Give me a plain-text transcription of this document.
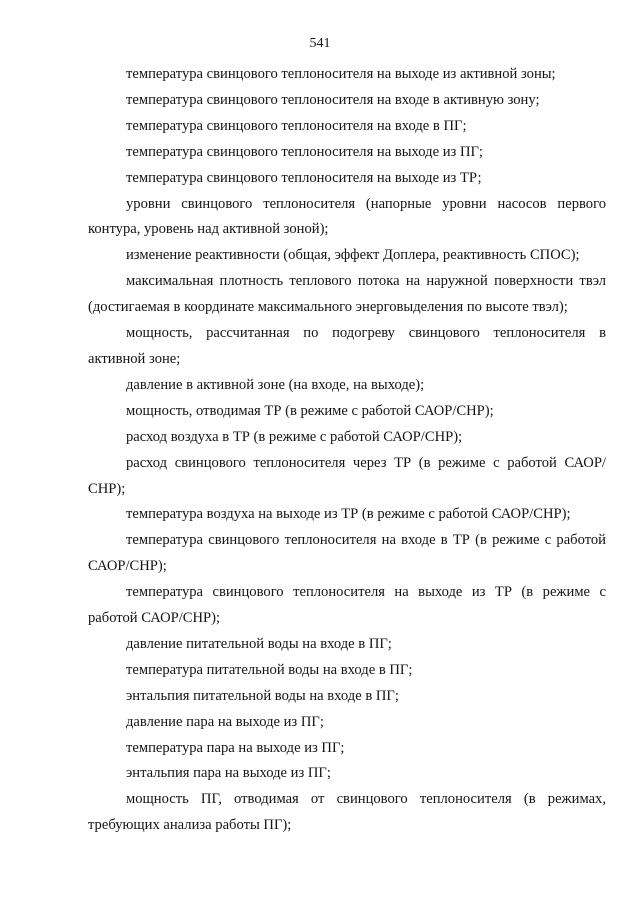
541

температура свинцового теплоносителя на выходе из активной зоны;

температура свинцового теплоносителя на входе в активную зону;

температура свинцового теплоносителя на входе в ПГ;

температура свинцового теплоносителя на выходе из ПГ;

температура свинцового теплоносителя на выходе из ТР;

уровни свинцового теплоносителя (напорные уровни насосов первого контура, уровень над активной зоной);

изменение реактивности (общая, эффект Доплера, реактивность СПОС);

максимальная плотность теплового потока на наружной поверхности твэл (достигаемая в координате максимального энерговыделения по высоте твэл);

мощность, рассчитанная по подогреву свинцового теплоносителя в активной зоне;

давление в активной зоне (на входе, на выходе);

мощность, отводимая ТР (в режиме с работой САОР/СНР);

расход воздуха в ТР (в режиме с работой САОР/СНР);

расход свинцового теплоносителя через ТР (в режиме с работой САОР/СНР);

температура воздуха на выходе из ТР (в режиме с работой САОР/СНР);

температура свинцового теплоносителя на входе в ТР (в режиме с работой САОР/СНР);

температура свинцового теплоносителя на выходе из ТР (в режиме с работой САОР/СНР);

давление питательной воды на входе в ПГ;

температура питательной воды на входе в ПГ;

энтальпия питательной воды на входе в ПГ;

давление пара на выходе из ПГ;

температура пара на выходе из ПГ;

энтальпия пара на выходе из ПГ;

мощность ПГ, отводимая от свинцового теплоносителя (в режимах, требующих анализа работы ПГ);
